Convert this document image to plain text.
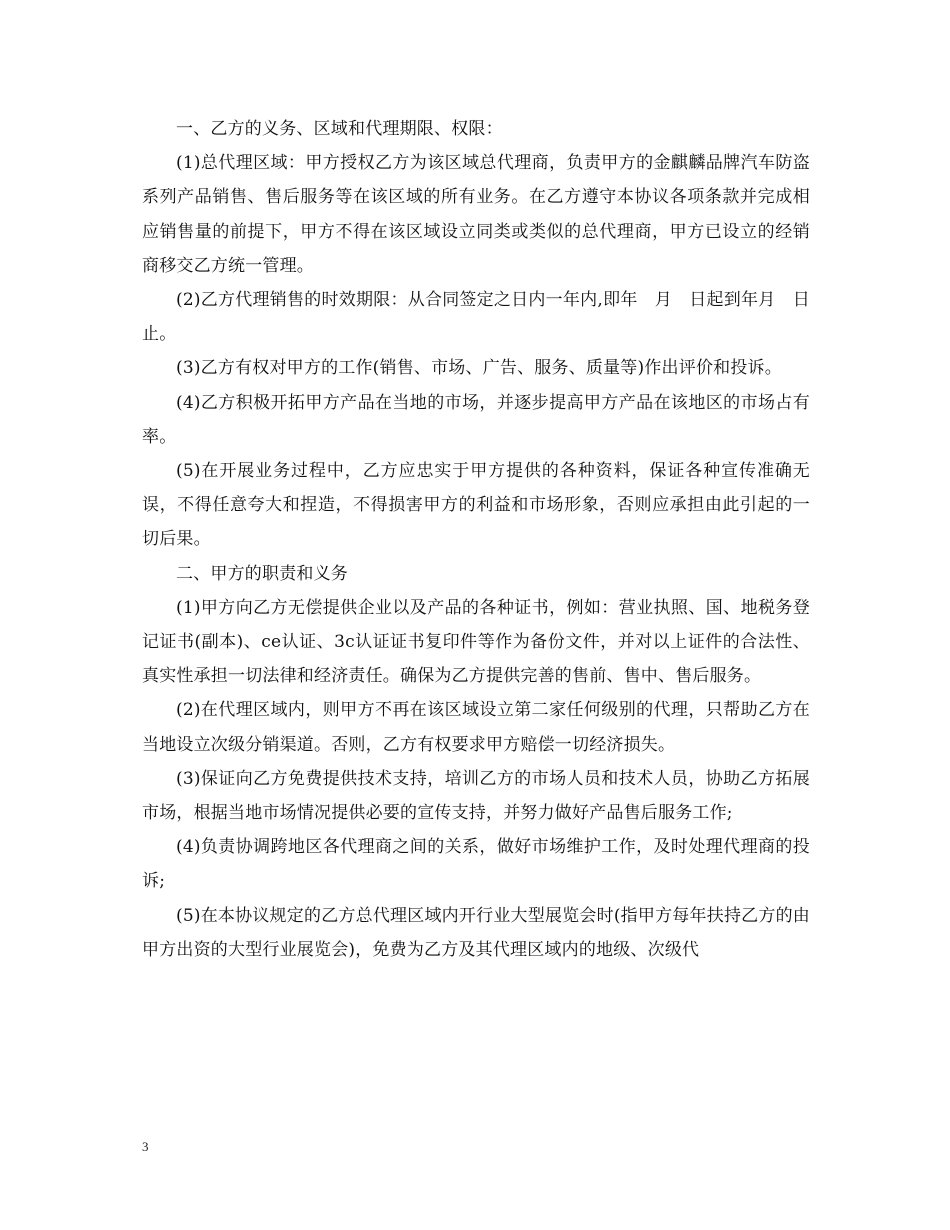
一、乙方的义务、区域和代理期限、权限：

(1)总代理区域：甲方授权乙方为该区域总代理商，负责甲方的金麒麟品牌汽车防盗系列产品销售、售后服务等在该区域的所有业务。在乙方遵守本协议各项条款并完成相应销售量的前提下，甲方不得在该区域设立同类或类似的总代理商，甲方已设立的经销商移交乙方统一管理。

(2)乙方代理销售的时效期限：从合同签定之日内一年内,即年　月　日起到年月　日止。

(3)乙方有权对甲方的工作(销售、市场、广告、服务、质量等)作出评价和投诉。

(4)乙方积极开拓甲方产品在当地的市场，并逐步提高甲方产品在该地区的市场占有率。

(5)在开展业务过程中，乙方应忠实于甲方提供的各种资料，保证各种宣传准确无误，不得任意夸大和捏造，不得损害甲方的利益和市场形象，否则应承担由此引起的一切后果。

二、甲方的职责和义务

(1)甲方向乙方无偿提供企业以及产品的各种证书，例如：营业执照、国、地税务登记证书(副本)、ce认证、3c认证证书复印件等作为备份文件，并对以上证件的合法性、真实性承担一切法律和经济责任。确保为乙方提供完善的售前、售中、售后服务。

(2)在代理区域内，则甲方不再在该区域设立第二家任何级别的代理，只帮助乙方在当地设立次级分销渠道。否则，乙方有权要求甲方赔偿一切经济损失。

(3)保证向乙方免费提供技术支持，培训乙方的市场人员和技术人员，协助乙方拓展市场，根据当地市场情况提供必要的宣传支持，并努力做好产品售后服务工作;

(4)负责协调跨地区各代理商之间的关系，做好市场维护工作，及时处理代理商的投诉;

(5)在本协议规定的乙方总代理区域内开行业大型展览会时(指甲方每年扶持乙方的由甲方出资的大型行业展览会)，免费为乙方及其代理区域内的地级、次级代

3
